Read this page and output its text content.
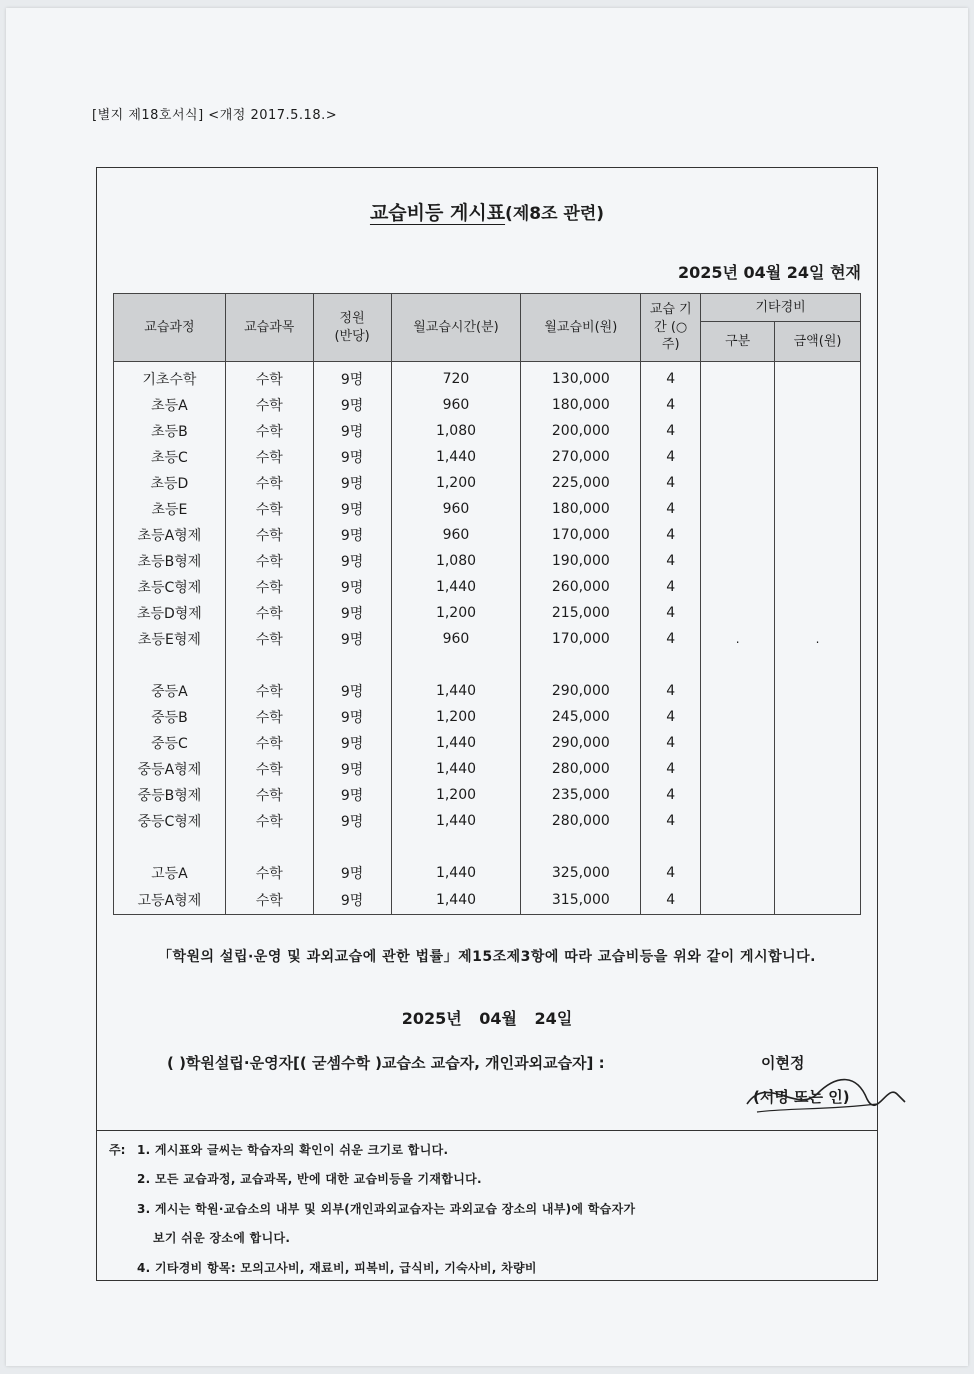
[별지 제18호서식] <개정 2017.5.18.>
교습비등 게시표(제8조 관련)
2025년 04월 24일 현재
교습과정	교습과목	정원 (반당)	월교습시간(분)	월교습비(원)	교습 기간 (○주)	기타경비	
						구분	금액(원)
기초수학	수학	9명	720	130,000	4		
초등A	수학	9명	960	180,000	4		
초등B	수학	9명	1,080	200,000	4		
초등C	수학	9명	1,440	270,000	4		
초등D	수학	9명	1,200	225,000	4		
초등E	수학	9명	960	180,000	4		
초등A형제	수학	9명	960	170,000	4		
초등B형제	수학	9명	1,080	190,000	4		
초등C형제	수학	9명	1,440	260,000	4		
초등D형제	수학	9명	1,200	215,000	4		
초등E형제	수학	9명	960	170,000	4	.	.

중등A	수학	9명	1,440	290,000	4		
중등B	수학	9명	1,200	245,000	4		
중등C	수학	9명	1,440	290,000	4		
중등A형제	수학	9명	1,440	280,000	4		
중등B형제	수학	9명	1,200	235,000	4		
중등C형제	수학	9명	1,440	280,000	4		

고등A	수학	9명	1,440	325,000	4		
고등A형제	수학	9명	1,440	315,000	4		
「학원의 설립·운영 및 과외교습에 관한 법률」제15조제3항에 따라 교습비등을 위와 같이 게시합니다.
2025년 04월 24일
( )학원설립·운영자[( 굳셈수학 )교습소 교습자, 개인과외교습자] :	이현정
(서명 또는 인)
주: 1. 게시표와 글씨는 학습자의 확인이 쉬운 크기로 합니다.
2. 모든 교습과정, 교습과목, 반에 대한 교습비등을 기재합니다.
3. 게시는 학원·교습소의 내부 및 외부(개인과외교습자는 과외교습 장소의 내부)에 학습자가
보기 쉬운 장소에 합니다.
4. 기타경비 항목: 모의고사비, 재료비, 피복비, 급식비, 기숙사비, 차량비
